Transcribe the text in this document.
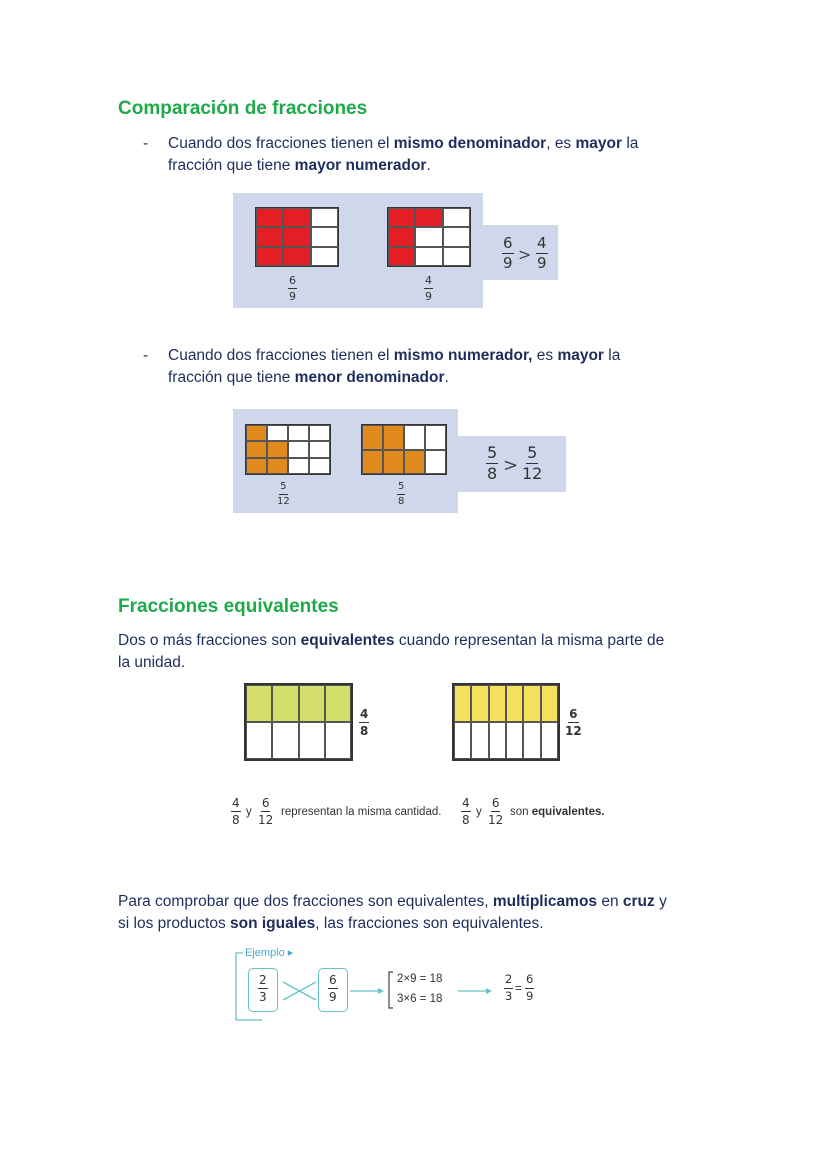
Comparación de fracciones
- Cuando dos fracciones tienen el mismo denominador, es mayor la
fracción que tiene mayor numerador.

$\frac{6}{9}$	$\frac{4}{9}$
$\frac{6}{9} > \frac{4}{9}$
- Cuando dos fracciones tienen el mismo numerador, es mayor la
fracción que tiene menor denominador.

$\frac{5}{12}$	$\frac{5}{8}$
$\frac{5}{8} > \frac{5}{12}$
Fracciones equivalentes

Dos o más fracciones son equivalentes cuando representan la misma parte de
la unidad.

$\frac{4}{8}$	$\frac{6}{12}$
$\frac{4}{8}$ y $\frac{6}{12}$ representan la misma cantidad. $\frac{4}{8}$ y $\frac{6}{12}$ son equivalentes.

Para comprobar que dos fracciones son equivalentes, multiplicamos en cruz y
si los productos son iguales, las fracciones son equivalentes.

Ejemplo ▸
$\frac{2}{3}$	$\frac{6}{9}$	2×9 = 18
3×6 = 18	$\frac{2}{3} = \frac{6}{9}$
